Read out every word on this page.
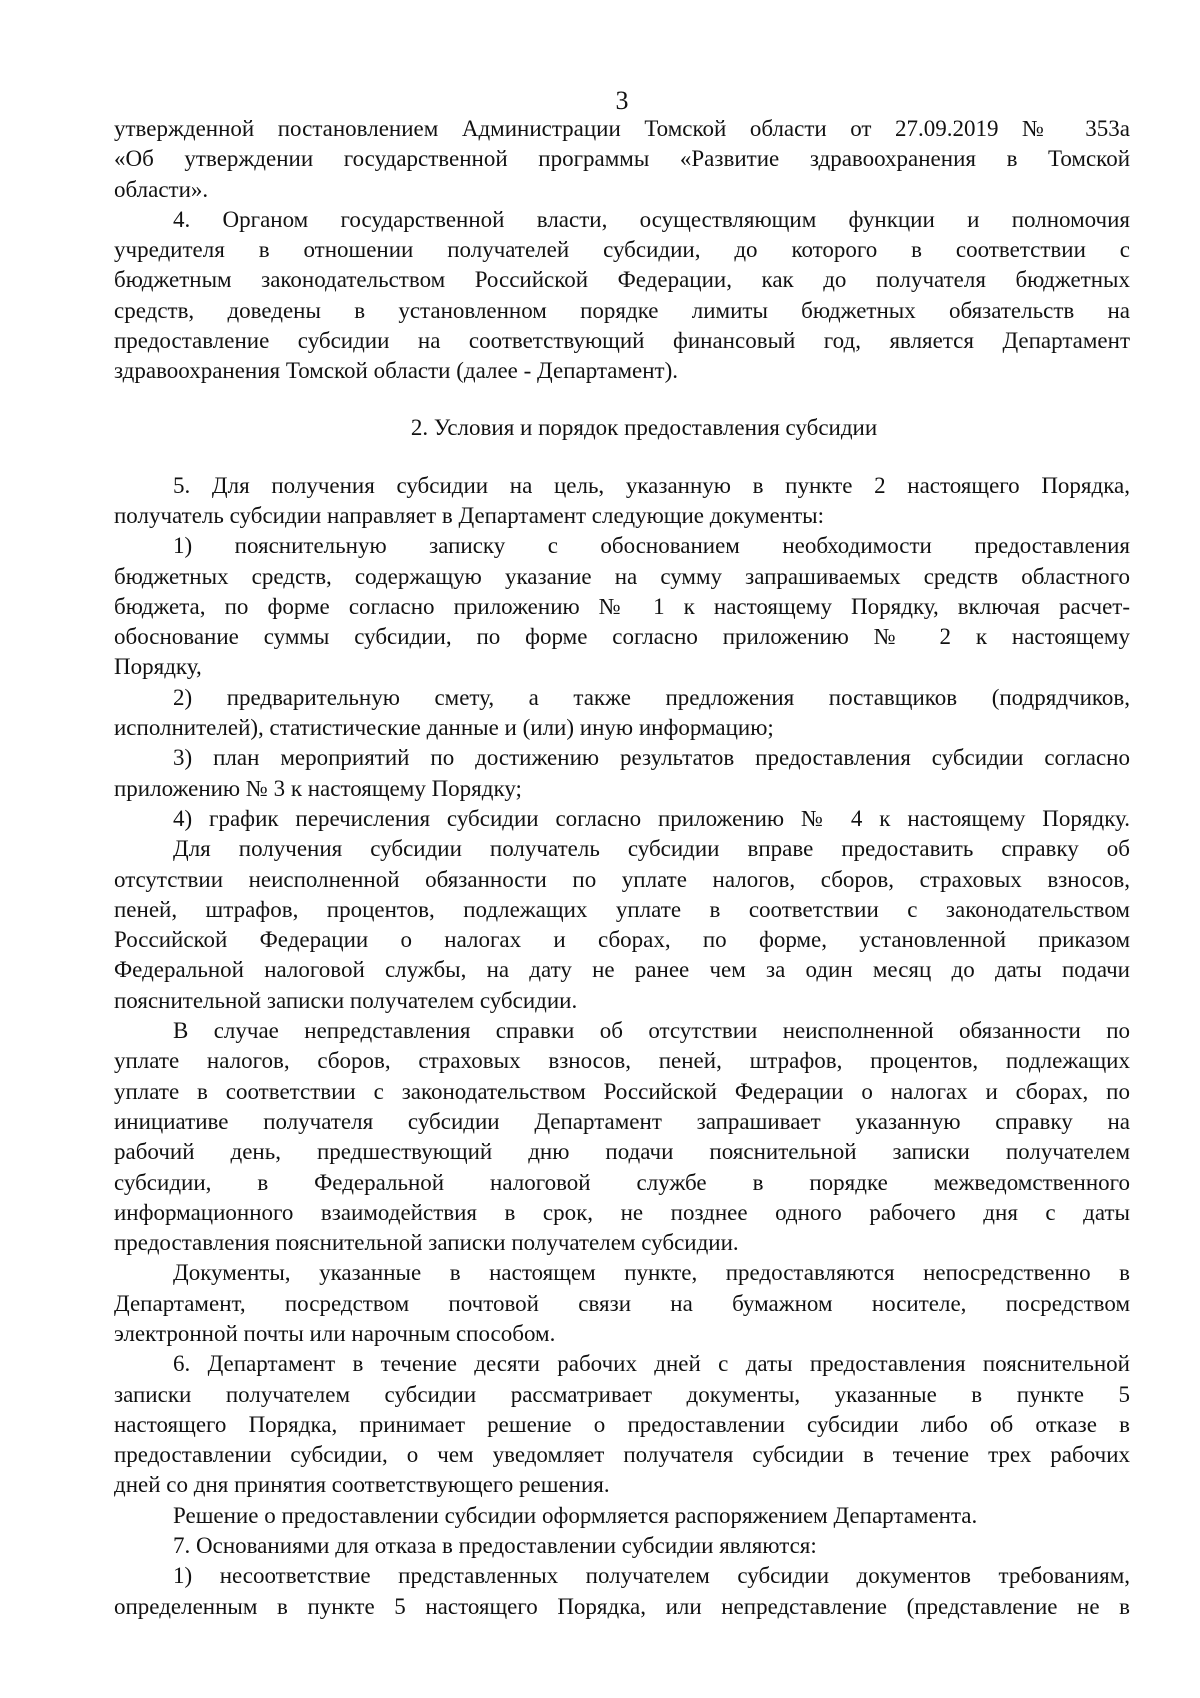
3

утвержденной постановлением Администрации Томской области от 27.09.2019 № 353а

«Об утверждении государственной программы «Развитие здравоохранения в Томской

области».

4. Органом государственной власти, осуществляющим функции и полномочия

учредителя в отношении получателей субсидии, до которого в соответствии с

бюджетным законодательством Российской Федерации, как до получателя бюджетных

средств, доведены в установленном порядке лимиты бюджетных обязательств на

предоставление субсидии на соответствующий финансовый год, является Департамент

здравоохранения Томской области (далее - Департамент).

2. Условия и порядок предоставления субсидии

5. Для получения субсидии на цель, указанную в пункте 2 настоящего Порядка,

получатель субсидии направляет в Департамент следующие документы:

1) пояснительную записку с обоснованием необходимости предоставления

бюджетных средств, содержащую указание на сумму запрашиваемых средств областного

бюджета, по форме согласно приложению № 1 к настоящему Порядку, включая расчет-

обоснование суммы субсидии, по форме согласно приложению № 2 к настоящему

Порядку,

2) предварительную смету, а также предложения поставщиков (подрядчиков,

исполнителей), статистические данные и (или) иную информацию;

3) план мероприятий по достижению результатов предоставления субсидии согласно

приложению № 3 к настоящему Порядку;

4) график перечисления субсидии согласно приложению № 4 к настоящему Порядку.

Для получения субсидии получатель субсидии вправе предоставить справку об

отсутствии неисполненной обязанности по уплате налогов, сборов, страховых взносов,

пеней, штрафов, процентов, подлежащих уплате в соответствии с законодательством

Российской Федерации о налогах и сборах, по форме, установленной приказом

Федеральной налоговой службы, на дату не ранее чем за один месяц до даты подачи

пояснительной записки получателем субсидии.

В случае непредставления справки об отсутствии неисполненной обязанности по

уплате налогов, сборов, страховых взносов, пеней, штрафов, процентов, подлежащих

уплате в соответствии с законодательством Российской Федерации о налогах и сборах, по

инициативе получателя субсидии Департамент запрашивает указанную справку на

рабочий день, предшествующий дню подачи пояснительной записки получателем

субсидии, в Федеральной налоговой службе в порядке межведомственного

информационного взаимодействия в срок, не позднее одного рабочего дня с даты

предоставления пояснительной записки получателем субсидии.

Документы, указанные в настоящем пункте, предоставляются непосредственно в

Департамент, посредством почтовой связи на бумажном носителе, посредством

электронной почты или нарочным способом.

6. Департамент в течение десяти рабочих дней с даты предоставления пояснительной

записки получателем субсидии рассматривает документы, указанные в пункте 5

настоящего Порядка, принимает решение о предоставлении субсидии либо об отказе в

предоставлении субсидии, о чем уведомляет получателя субсидии в течение трех рабочих

дней со дня принятия соответствующего решения.

Решение о предоставлении субсидии оформляется распоряжением Департамента.

7. Основаниями для отказа в предоставлении субсидии являются:

1) несоответствие представленных получателем субсидии документов требованиям,

определенным в пункте 5 настоящего Порядка, или непредставление (представление не в
